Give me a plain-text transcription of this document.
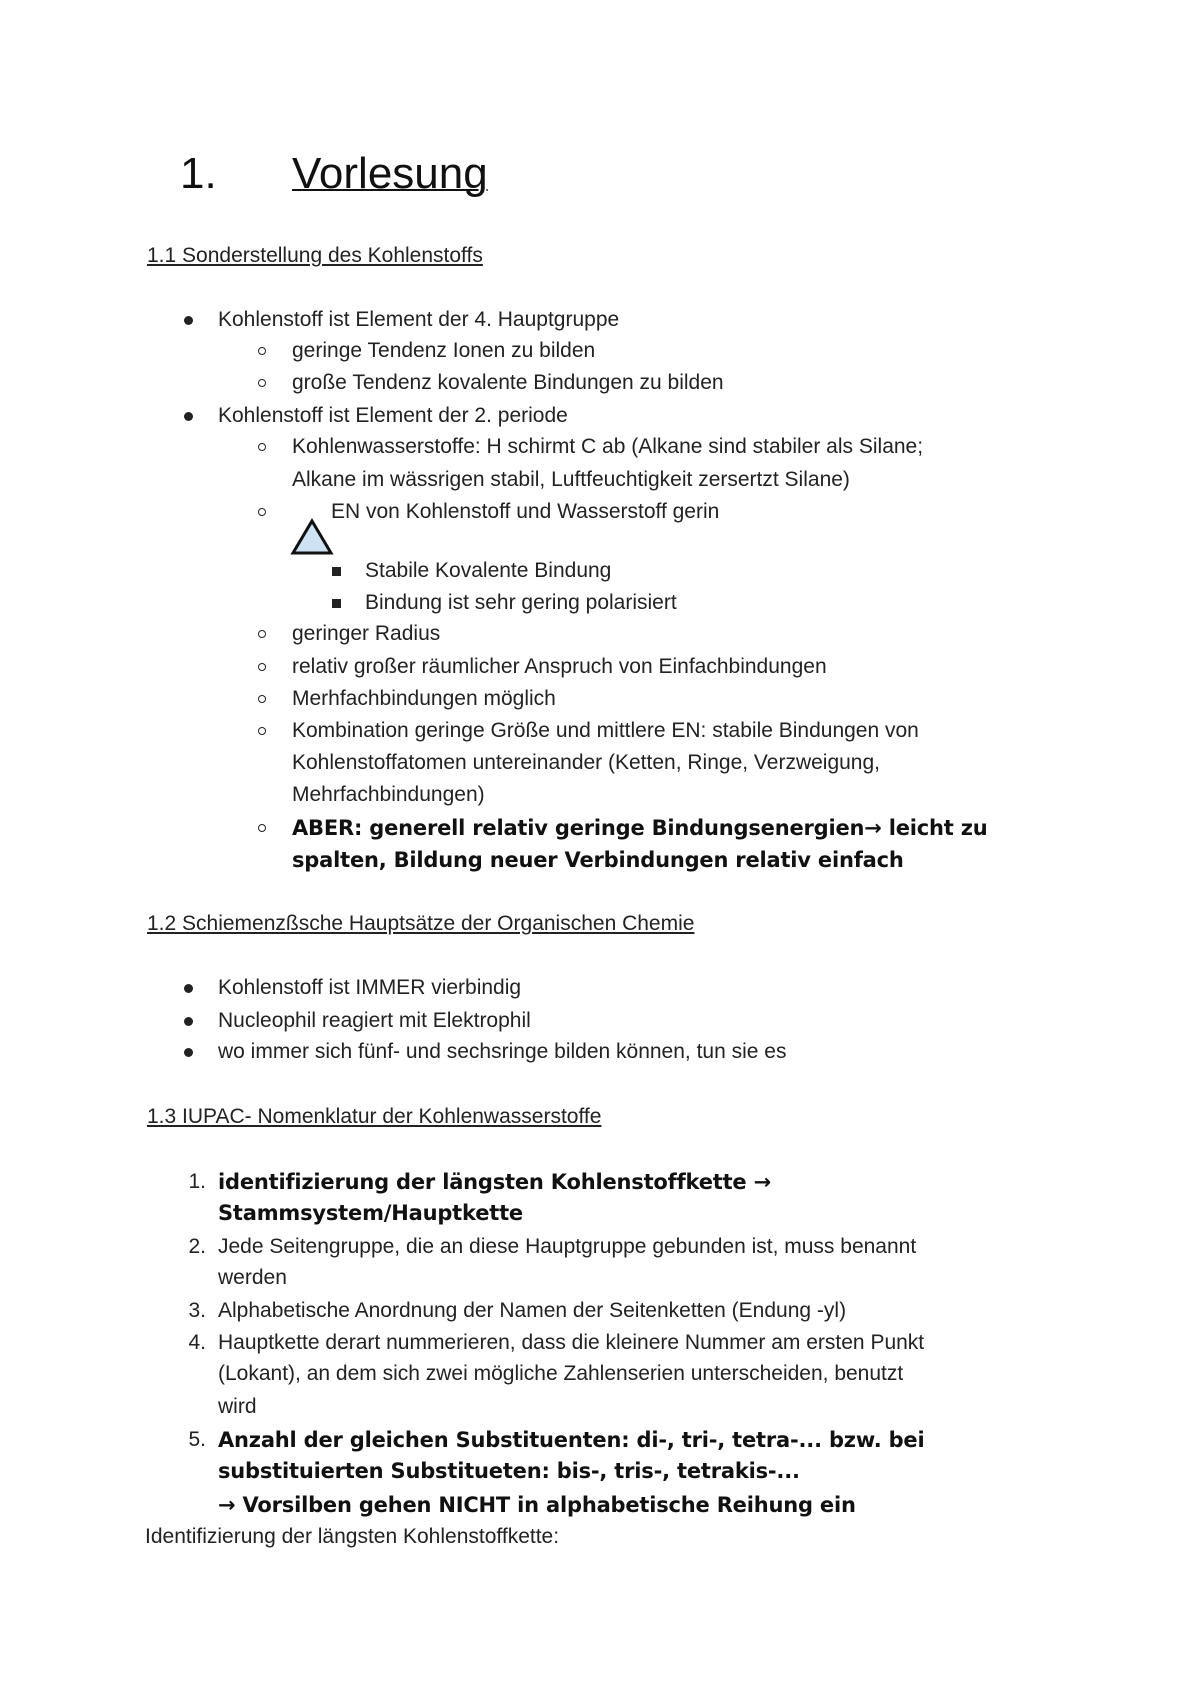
1. Vorlesung
1.1 Sonderstellung des Kohlenstoffs
Kohlenstoff ist Element der 4. Hauptgruppe
geringe Tendenz Ionen zu bilden
große Tendenz kovalente Bindungen zu bilden
Kohlenstoff ist Element der 2. periode
Kohlenwasserstoffe: H schirmt C ab (Alkane sind stabiler als Silane;
Alkane im wässrigen stabil, Luftfeuchtigkeit zersertzt Silane)
EN von Kohlenstoff und Wasserstoff gerin
Stabile Kovalente Bindung
Bindung ist sehr gering polarisiert
geringer Radius
relativ großer räumlicher Anspruch von Einfachbindungen
Merhfachbindungen möglich
Kombination geringe Größe und mittlere EN: stabile Bindungen von
Kohlenstoffatomen untereinander (Ketten, Ringe, Verzweigung,
Mehrfachbindungen)
ABER: generell relativ geringe Bindungsenergien→ leicht zu
spalten, Bildung neuer Verbindungen relativ einfach
1.2 Schiemenzßsche Hauptsätze der Organischen Chemie
Kohlenstoff ist IMMER vierbindig
Nucleophil reagiert mit Elektrophil
wo immer sich fünf- und sechsringe bilden können, tun sie es
1.3 IUPAC- Nomenklatur der Kohlenwasserstoffe
1. identifizierung der längsten Kohlenstoffkette →
Stammsystem/Hauptkette
2. Jede Seitengruppe, die an diese Hauptgruppe gebunden ist, muss benannt
werden
3. Alphabetische Anordnung der Namen der Seitenketten (Endung -yl)
4. Hauptkette derart nummerieren, dass die kleinere Nummer am ersten Punkt
(Lokant), an dem sich zwei mögliche Zahlenserien unterscheiden, benutzt
wird
5. Anzahl der gleichen Substituenten: di-, tri-, tetra-... bzw. bei
substituierten Substitueten: bis-, tris-, tetrakis-...
→ Vorsilben gehen NICHT in alphabetische Reihung ein
Identifizierung der längsten Kohlenstoffkette:
